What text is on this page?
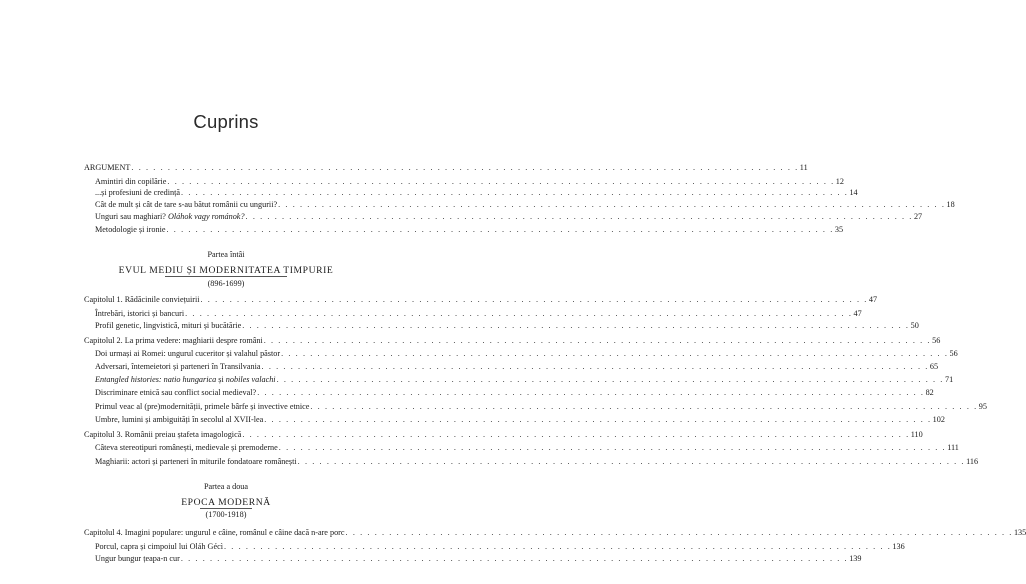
Cuprins
ARGUMENT . . . . . . . . . . . . . . . . . . . . . . . . . . . . . . . . . . . . . . . . . . . . . . . . . . . . . . . . . . . . . . . . . . . . . . . . . . . . . . . . . . . . . . . . . . . . 11
Amintiri din copilărie . . . . . . . . . . . . . . . . . . . . . . . . . . . . . . . . . . . . . . . . . . . . . . . . . . . . . . . . . . . . . . . . . . . . . . . . . . . . . . . . . . . . . . . . . . . . 12
...și profesiuni de credință . . . . . . . . . . . . . . . . . . . . . . . . . . . . . . . . . . . . . . . . . . . . . . . . . . . . . . . . . . . . . . . . . . . . . . . . . . . . . . . . . . . . . . . . . . . . 14
Cât de mult și cât de tare s-au bătut românii cu ungurii? . . . . . . . . . . . . . . . . . . . . . . . . . . . . . . . . . . . . . . . . . . . . . . . . . . . . . . . . . . . . . . . . . . . . . . . . . . . . . . . . . . . . . . . . . . . . 18
Unguri sau maghiari? Oláhok vagy románok? . . . . . . . . . . . . . . . . . . . . . . . . . . . . . . . . . . . . . . . . . . . . . . . . . . . . . . . . . . . . . . . . . . . . . . . . . . . . . . . . . . . . . . . . . . . . 27
Metodologie și ironie . . . . . . . . . . . . . . . . . . . . . . . . . . . . . . . . . . . . . . . . . . . . . . . . . . . . . . . . . . . . . . . . . . . . . . . . . . . . . . . . . . . . . . . . . . . . 35
Partea întâi
EVUL MEDIU ȘI MODERNITATEA TIMPURIE
(896-1699)
Capitolul 1. Rădăcinile conviețuirii . . . . . . . . . . . . . . . . . . . . . . . . . . . . . . . . . . . . . . . . . . . . . . . . . . . . . . . . . . . . . . . . . . . . . . . . . . . . . . . . . . . . . . . . . . . . 47
Întrebări, istorici și bancuri . . . . . . . . . . . . . . . . . . . . . . . . . . . . . . . . . . . . . . . . . . . . . . . . . . . . . . . . . . . . . . . . . . . . . . . . . . . . . . . . . . . . . . . . . . . . 47
Profil genetic, lingvistică, mituri și bucătărie . . . . . . . . . . . . . . . . . . . . . . . . . . . . . . . . . . . . . . . . . . . . . . . . . . . . . . . . . . . . . . . . . . . . . . . . . . . . . . . . . . . . . . . . . . . . 50
Capitolul 2. La prima vedere: maghiarii despre români . . . . . . . . . . . . . . . . . . . . . . . . . . . . . . . . . . . . . . . . . . . . . . . . . . . . . . . . . . . . . . . . . . . . . . . . . . . . . . . . . . . . . . . . . . . . 56
Doi urmași ai Romei: ungurul cuceritor și valahul păstor . . . . . . . . . . . . . . . . . . . . . . . . . . . . . . . . . . . . . . . . . . . . . . . . . . . . . . . . . . . . . . . . . . . . . . . . . . . . . . . . . . . . . . . . . . . . 56
Adversari, întemeietori și parteneri în Transilvania . . . . . . . . . . . . . . . . . . . . . . . . . . . . . . . . . . . . . . . . . . . . . . . . . . . . . . . . . . . . . . . . . . . . . . . . . . . . . . . . . . . . . . . . . . . . 65
Entangled histories: natio hungarica și nobiles valachi . . . . . . . . . . . . . . . . . . . . . . . . . . . . . . . . . . . . . . . . . . . . . . . . . . . . . . . . . . . . . . . . . . . . . . . . . . . . . . . . . . . . . . . . . . . . 71
Discriminare etnică sau conflict social medieval? . . . . . . . . . . . . . . . . . . . . . . . . . . . . . . . . . . . . . . . . . . . . . . . . . . . . . . . . . . . . . . . . . . . . . . . . . . . . . . . . . . . . . . . . . . . . 82
Primul veac al (pre)modernității, primele bârfe și invective etnice . . . . . . . . . . . . . . . . . . . . . . . . . . . . . . . . . . . . . . . . . . . . . . . . . . . . . . . . . . . . . . . . . . . . . . . . . . . . . . . . . . . . . . . . . . . . 95
Umbre, lumini și ambiguități în secolul al XVII-lea . . . . . . . . . . . . . . . . . . . . . . . . . . . . . . . . . . . . . . . . . . . . . . . . . . . . . . . . . . . . . . . . . . . . . . . . . . . . . . . . . . . . . . . . . . . . 102
Capitolul 3. Românii preiau ștafeta imagologică . . . . . . . . . . . . . . . . . . . . . . . . . . . . . . . . . . . . . . . . . . . . . . . . . . . . . . . . . . . . . . . . . . . . . . . . . . . . . . . . . . . . . . . . . . . . 110
Câteva stereotipuri românești, medievale și premoderne . . . . . . . . . . . . . . . . . . . . . . . . . . . . . . . . . . . . . . . . . . . . . . . . . . . . . . . . . . . . . . . . . . . . . . . . . . . . . . . . . . . . . . . . . . . . 111
Maghiarii: actori și parteneri în miturile fondatoare românești . . . . . . . . . . . . . . . . . . . . . . . . . . . . . . . . . . . . . . . . . . . . . . . . . . . . . . . . . . . . . . . . . . . . . . . . . . . . . . . . . . . . . . . . . . . . 116
Partea a doua
EPOCA MODERNĂ
(1700-1918)
Capitolul 4. Imagini populare: ungurul e câine, românul e câine dacă n-are porc . . . . . . . . . . . . . . . . . . . . . . . . . . . . . . . . . . . . . . . . . . . . . . . . . . . . . . . . . . . . . . . . . . . . . . . . . . . . . . . . . . . . . . . . . . . . 135
Porcul, capra și cimpoiul lui Oláh Gécì . . . . . . . . . . . . . . . . . . . . . . . . . . . . . . . . . . . . . . . . . . . . . . . . . . . . . . . . . . . . . . . . . . . . . . . . . . . . . . . . . . . . . . . . . . . . 136
Ungur bungur țeapa-n cur . . . . . . . . . . . . . . . . . . . . . . . . . . . . . . . . . . . . . . . . . . . . . . . . . . . . . . . . . . . . . . . . . . . . . . . . . . . . . . . . . . . . . . . . . . . . 139
